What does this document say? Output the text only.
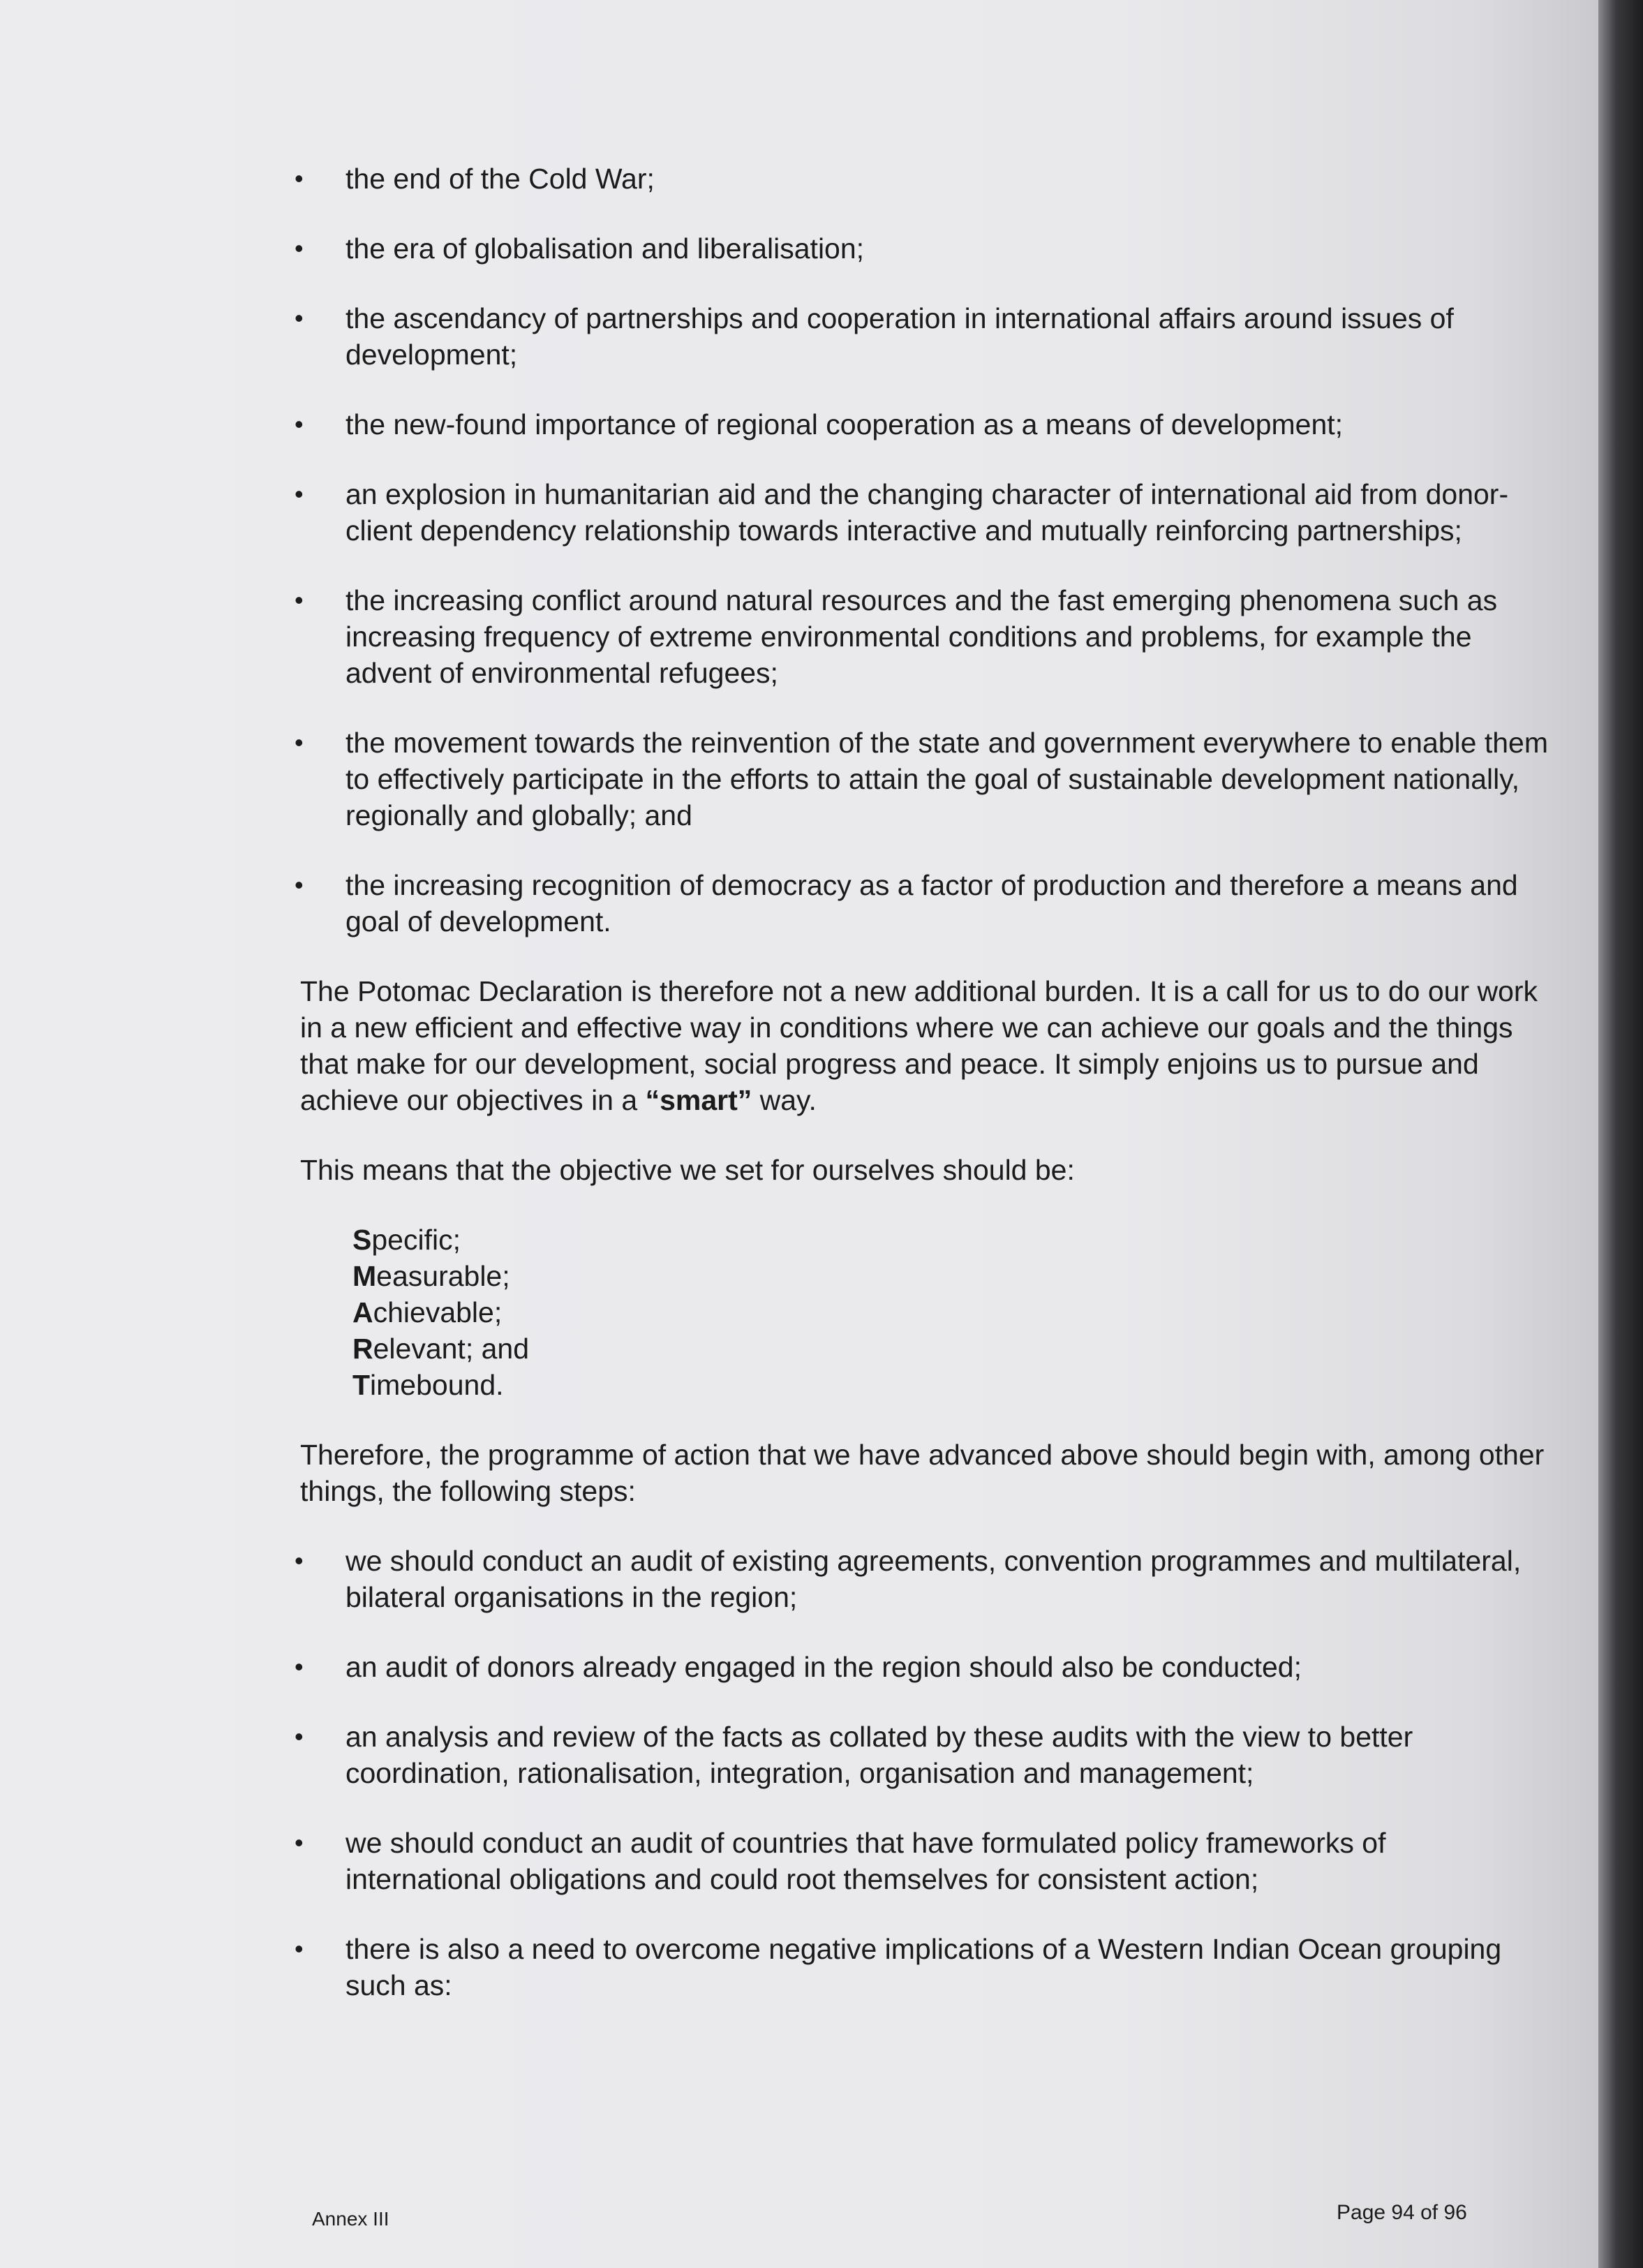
• the end of the Cold War;
• the era of globalisation and liberalisation;
• the ascendancy of partnerships and cooperation in international affairs around issues of development;
• the new-found importance of regional cooperation as a means of development;
• an explosion in humanitarian aid and the changing character of international aid from donor-client dependency relationship towards interactive and mutually reinforcing partnerships;
• the increasing conflict around natural resources and the fast emerging phenomena such as increasing frequency of extreme environmental conditions and problems, for example the advent of environmental refugees;
• the movement towards the reinvention of the state and government everywhere to enable them to effectively participate in the efforts to attain the goal of sustainable development nationally, regionally and globally; and
• the increasing recognition of democracy as a factor of production and therefore a means and goal of development.

The Potomac Declaration is therefore not a new additional burden. It is a call for us to do our work in a new efficient and effective way in conditions where we can achieve our goals and the things that make for our development, social progress and peace. It simply enjoins us to pursue and achieve our objectives in a “smart” way.

This means that the objective we set for ourselves should be:

Specific;
Measurable;
Achievable;
Relevant; and
Timebound.

Therefore, the programme of action that we have advanced above should begin with, among other things, the following steps:

• we should conduct an audit of existing agreements, convention programmes and multilateral, bilateral organisations in the region;
• an audit of donors already engaged in the region should also be conducted;
• an analysis and review of the facts as collated by these audits with the view to better coordination, rationalisation, integration, organisation and management;
• we should conduct an audit of countries that have formulated policy frameworks of international obligations and could root themselves for consistent action;
• there is also a need to overcome negative implications of a Western Indian Ocean grouping such as:
Annex III	Page 94 of 96
